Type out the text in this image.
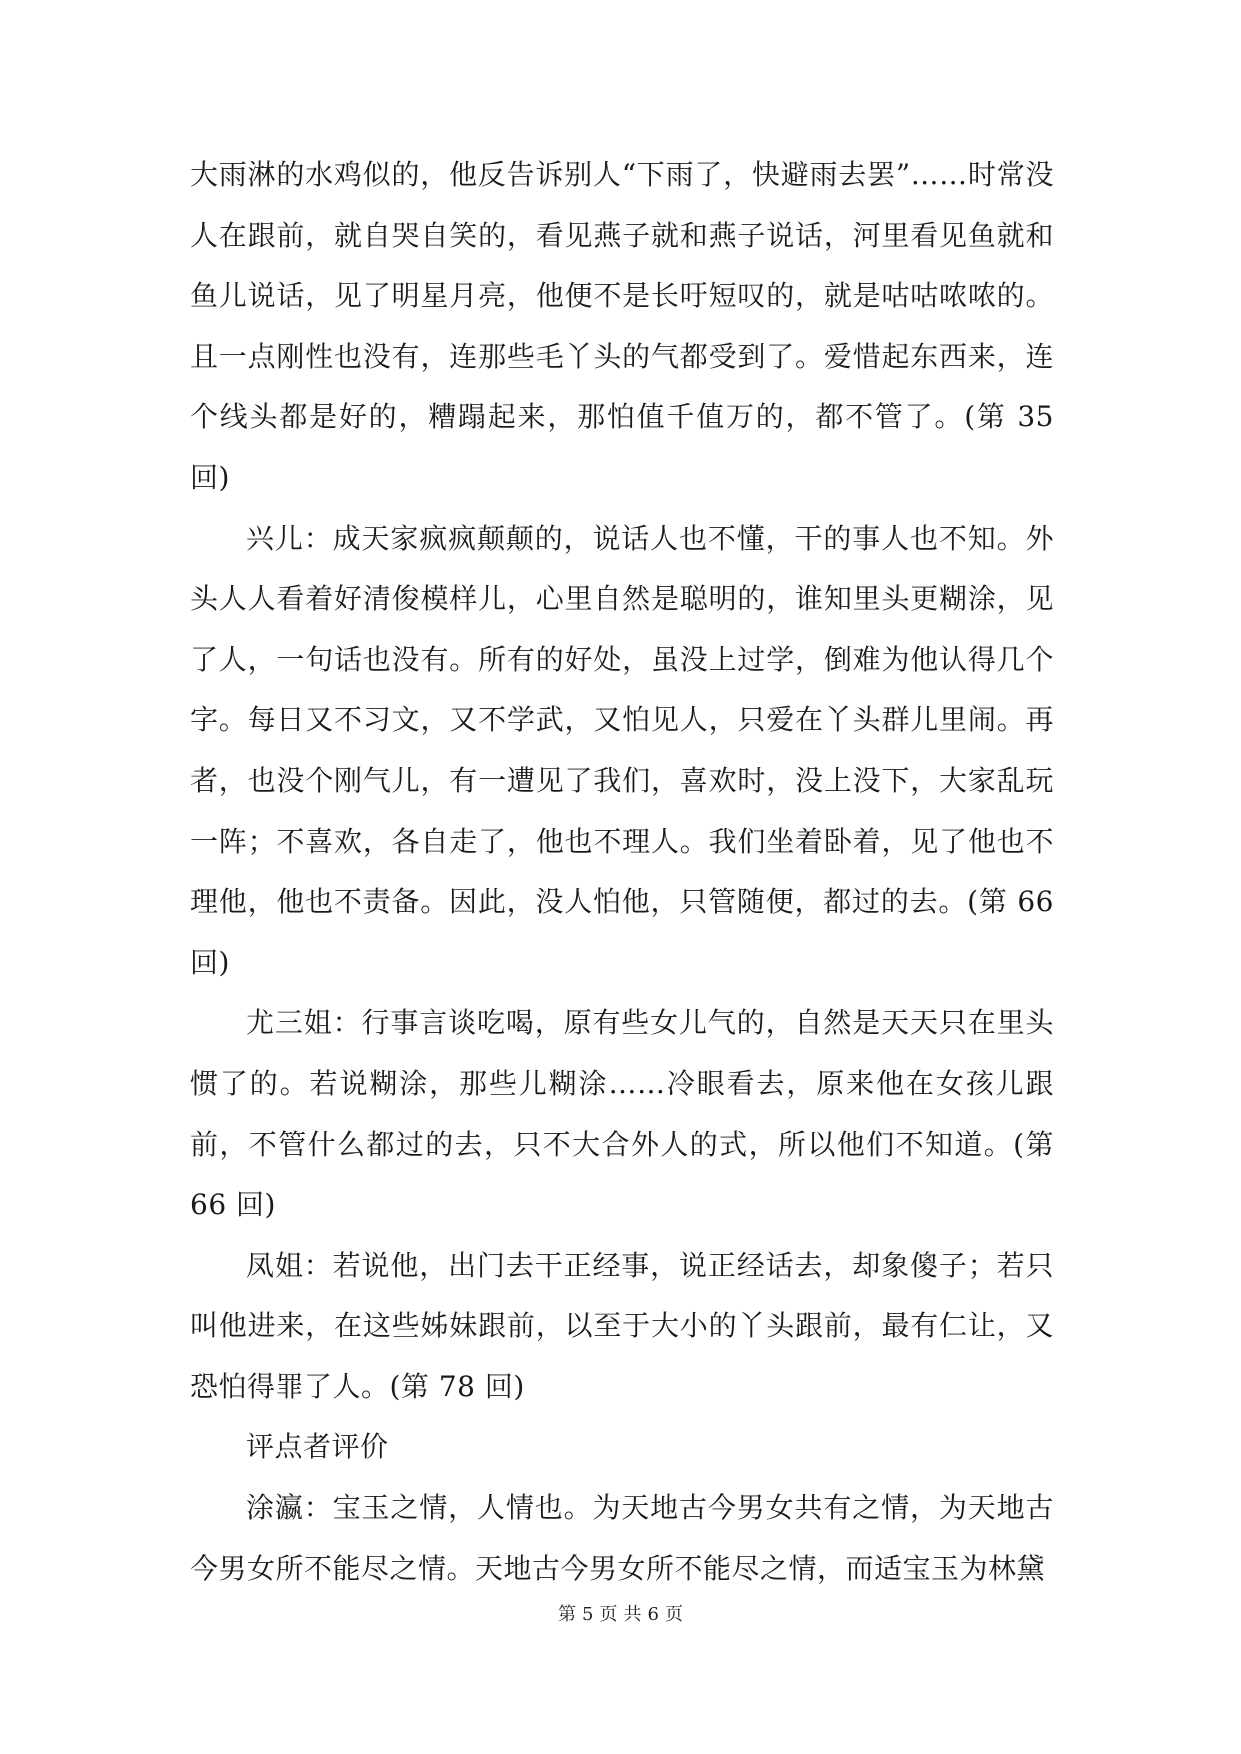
大雨淋的水鸡似的，他反告诉别人“下雨了，快避雨去罢”……时常没人在跟前，就自哭自笑的，看见燕子就和燕子说话，河里看见鱼就和鱼儿说话，见了明星月亮，他便不是长吁短叹的，就是咕咕哝哝的。且一点刚性也没有，连那些毛丫头的气都受到了。爱惜起东西来，连个线头都是好的，糟蹋起来，那怕值千值万的，都不管了。(第 35 回)

兴儿：成天家疯疯颠颠的，说话人也不懂，干的事人也不知。外头人人看着好清俊模样儿，心里自然是聪明的，谁知里头更糊涂，见了人，一句话也没有。所有的好处，虽没上过学，倒难为他认得几个字。每日又不习文，又不学武，又怕见人，只爱在丫头群儿里闹。再者，也没个刚气儿，有一遭见了我们，喜欢时，没上没下，大家乱玩一阵；不喜欢，各自走了，他也不理人。我们坐着卧着，见了他也不理他，他也不责备。因此，没人怕他，只管随便，都过的去。(第 66 回)

尤三姐：行事言谈吃喝，原有些女儿气的，自然是天天只在里头惯了的。若说糊涂，那些儿糊涂……冷眼看去，原来他在女孩儿跟前，不管什么都过的去，只不大合外人的式，所以他们不知道。(第 66 回)

凤姐：若说他，出门去干正经事，说正经话去，却象傻子；若只叫他进来，在这些姊妹跟前，以至于大小的丫头跟前，最有仁让，又恐怕得罪了人。(第 78 回)

评点者评价

涂瀛：宝玉之情，人情也。为天地古今男女共有之情，为天地古今男女所不能尽之情。天地古今男女所不能尽之情，而适宝玉为林黛

第 5 页 共 6 页
